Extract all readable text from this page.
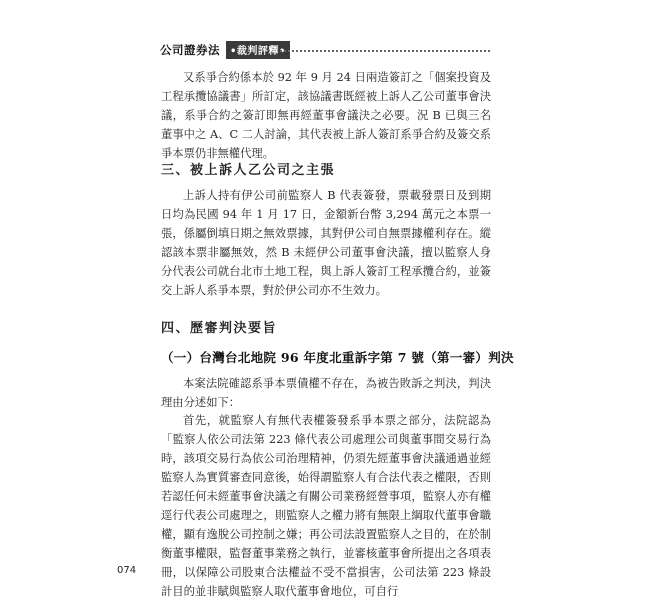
公司證券法	•裁判評釋•

又系爭合約係本於 92 年 9 月 24 日兩造簽訂之「個案投資及工程承攬協議書」所訂定，該協議書既經被上訴人乙公司董事會決議，系爭合約之簽訂即無再經董事會議決之必要。況 B 已與三名董事中之 A、C 二人討論，其代表被上訴人簽訂系爭合約及簽交系爭本票仍非無權代理。

三、被上訴人乙公司之主張

上訴人持有伊公司前監察人 B 代表簽發，票載發票日及到期日均為民國 94 年 1 月 17 日，金額新台幣 3,294 萬元之本票一張，係屬倒填日期之無效票據，其對伊公司自無票據權利存在。縱認該本票非屬無效，然 B 未經伊公司董事會決議，擅以監察人身分代表公司就台北市土地工程，與上訴人簽訂工程承攬合約，並簽交上訴人系爭本票，對於伊公司亦不生效力。

四、歷審判決要旨
（一）台灣台北地院 96 年度北重訴字第 7 號（第一審）判決

本案法院確認系爭本票債權不存在，為被告敗訴之判決，判決理由分述如下：

首先，就監察人有無代表權簽發系爭本票之部分，法院認為「監察人依公司法第 223 條代表公司處理公司與董事間交易行為時，該項交易行為依公司治理精神，仍須先經董事會決議通過並經監察人為實質審查同意後，始得謂監察人有合法代表之權限，否則若認任何未經董事會決議之有關公司業務經營事項，監察人亦有權逕行代表公司處理之，則監察人之權力將有無限上綱取代董事會職權，顯有逸脫公司控制之嫌；再公司法設置監察人之目的，在於制衡董事權限，監督董事業務之執行，並審核董事會所提出之各項表冊，以保障公司股東合法權益不受不當損害，公司法第 223 條設計目的並非賦與監察人取代董事會地位，可自行

074
